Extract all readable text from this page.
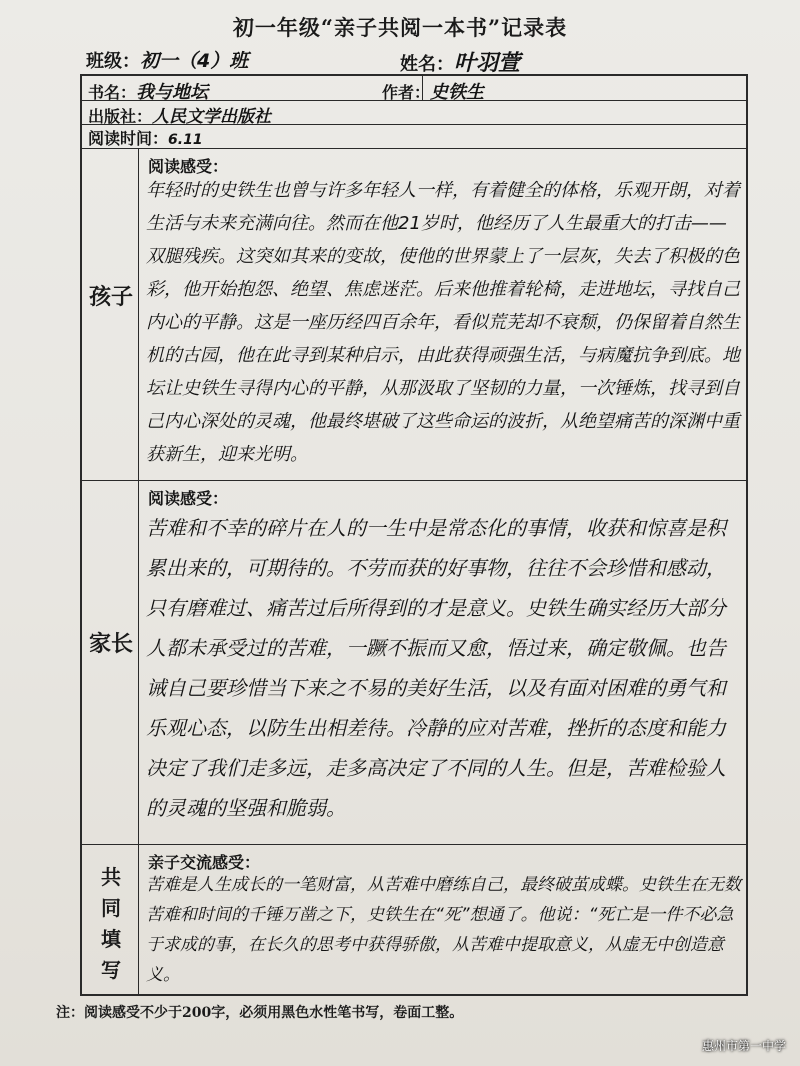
初一年级“亲子共阅一本书”记录表
班级：初一（4）班	姓名：叶羽萱
书名：我与地坛	作者：史铁生
出版社：人民文学出版社
阅读时间：6.11
孩子
阅读感受：
年轻时的史铁生也曾与许多年轻人一样，有着健全的体格，乐观开朗，对着生活与未来充满向往。然而在他21岁时，他经历了人生最重大的打击——双腿残疾。这突如其来的变故，使他的世界蒙上了一层灰，失去了积极的色彩，他开始抱怨、绝望、焦虑迷茫。后来他推着轮椅，走进地坛，寻找自己内心的平静。这是一座历经四百余年，看似荒芜却不衰颓，仍保留着自然生机的古园，他在此寻到某种启示，由此获得顽强生活，与病魔抗争到底。地坛让史铁生寻得内心的平静，从那汲取了坚韧的力量，一次锤炼，找寻到自己内心深处的灵魂，他最终堪破了这些命运的波折，从绝望痛苦的深渊中重获新生，迎来光明。
家长
阅读感受：
苦难和不幸的碎片在人的一生中是常态化的事情，收获和惊喜是积累出来的，可期待的。不劳而获的好事物，往往不会珍惜和感动，只有磨难过、痛苦过后所得到的才是意义。史铁生确实经历大部分人都未承受过的苦难，一蹶不振而又愈，悟过来，确定敬佩。也告诫自己要珍惜当下来之不易的美好生活，以及有面对困难的勇气和乐观心态，以防生出相差待。冷静的应对苦难，挫折的态度和能力决定了我们走多远，走多高决定了不同的人生。但是，苦难检验人的灵魂的坚强和脆弱。
共同填写
亲子交流感受：
苦难是人生成长的一笔财富，从苦难中磨练自己，最终破茧成蝶。史铁生在无数苦难和时间的千锤万凿之下，史铁生在“死”想通了。他说：“死亡是一件不必急于求成的事，在长久的思考中获得骄傲，从苦难中提取意义，从虚无中创造意义。
注：阅读感受不少于200字，必须用黑色水性笔书写，卷面工整。
惠州市第一中学
